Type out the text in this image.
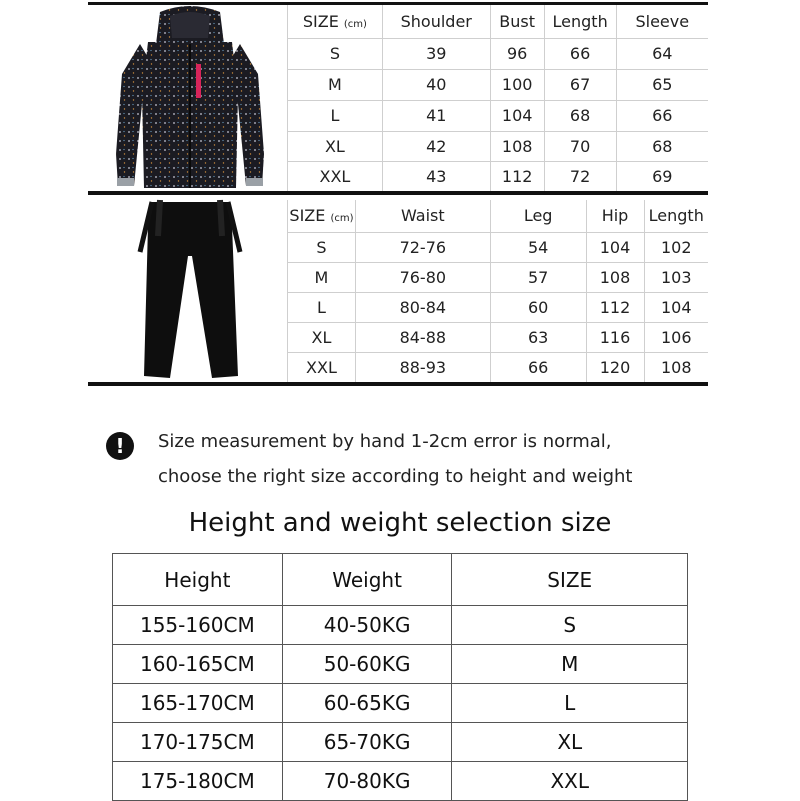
SIZE (cm)	Shoulder	Bust	Length	Sleeve
S	39	96	66	64
M	40	100	67	65
L	41	104	68	66
XL	42	108	70	68
XXL	43	112	72	69
SIZE (cm)	Waist	Leg	Hip	Length
S	72-76	54	104	102
M	76-80	57	108	103
L	80-84	60	112	104
XL	84-88	63	116	106
XXL	88-93	66	120	108
!	Size measurement by hand 1-2cm error is normal,
choose the right size according to height and weight
Height and weight selection size
Height	Weight	SIZE
155-160CM	40-50KG	S
160-165CM	50-60KG	M
165-170CM	60-65KG	L
170-175CM	65-70KG	XL
175-180CM	70-80KG	XXL
